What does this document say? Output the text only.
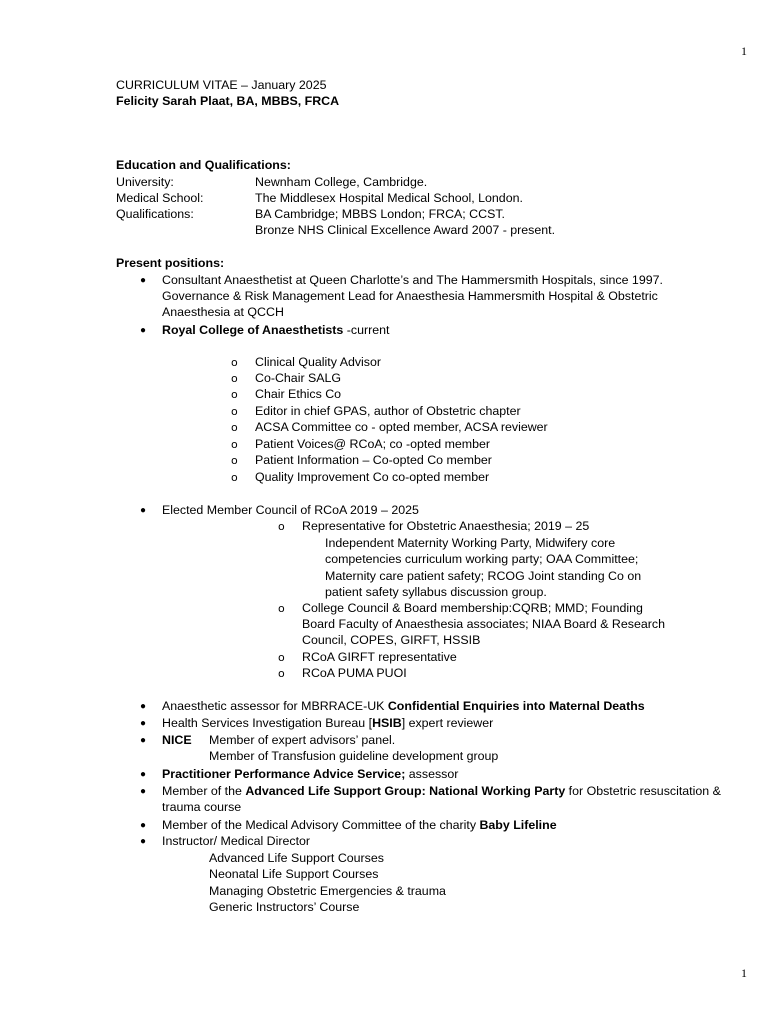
1
1
CURRICULUM VITAE – January 2025
Felicity Sarah Plaat, BA, MBBS, FRCA
Education and Qualifications:
University:	Newnham College, Cambridge.
Medical School:	The Middlesex Hospital Medical School, London.
Qualifications:	BA Cambridge; MBBS London; FRCA; CCST.
Bronze NHS Clinical Excellence Award 2007 - present.
Present positions:
● Consultant Anaesthetist at Queen Charlotte’s and The Hammersmith Hospitals, since 1997.
Governance & Risk Management Lead for Anaesthesia Hammersmith Hospital & Obstetric
Anaesthesia at QCCH
● Royal College of Anaesthetists -current
o Clinical Quality Advisor
o Co-Chair SALG
o Chair Ethics Co
o Editor in chief GPAS, author of Obstetric chapter
o ACSA Committee co - opted member, ACSA reviewer
o Patient Voices@ RCoA; co -opted member
o Patient Information – Co-opted Co member
o Quality Improvement Co co-opted member
● Elected Member Council of RCoA 2019 – 2025
o Representative for Obstetric Anaesthesia; 2019 – 25
Independent Maternity Working Party, Midwifery core
competencies curriculum working party; OAA Committee;
Maternity care patient safety; RCOG Joint standing Co on
patient safety syllabus discussion group.
o College Council & Board membership:CQRB; MMD; Founding
Board Faculty of Anaesthesia associates; NIAA Board & Research
Council, COPES, GIRFT, HSSIB
o RCoA GIRFT representative
o RCoA PUMA PUOI
● Anaesthetic assessor for MBRRACE-UK Confidential Enquiries into Maternal Deaths
● Health Services Investigation Bureau [HSIB] expert reviewer
● NICE Member of expert advisors’ panel.
Member of Transfusion guideline development group
● Practitioner Performance Advice Service; assessor
● Member of the Advanced Life Support Group: National Working Party for Obstetric resuscitation &
trauma course
● Member of the Medical Advisory Committee of the charity Baby Lifeline
● Instructor/ Medical Director
Advanced Life Support Courses
Neonatal Life Support Courses
Managing Obstetric Emergencies & trauma
Generic Instructors’ Course
